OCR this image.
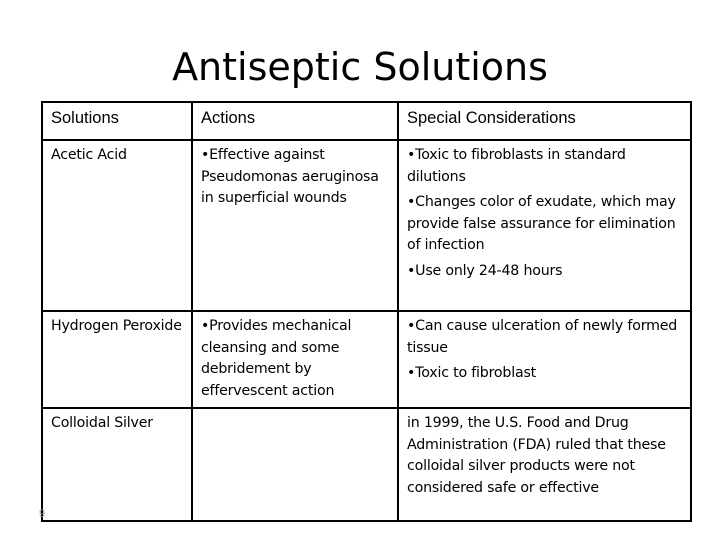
Antiseptic Solutions
Solutions	Actions	Special Considerations
Acetic Acid	•Effective against Pseudomonas aeruginosa in superficial wounds	•Toxic to fibroblasts in standard dilutions
•Changes color of exudate, which may provide false assurance for elimination of infection
•Use only 24-48 hours

Hydrogen Peroxide	•Provides mechanical cleansing and some debridement by effervescent action	•Can cause ulceration of newly formed tissue
•Toxic to fibroblast

Colloidal Silver		in 1999, the U.S. Food and Drug Administration (FDA) ruled that these colloidal silver products were not considered safe or effective
9
